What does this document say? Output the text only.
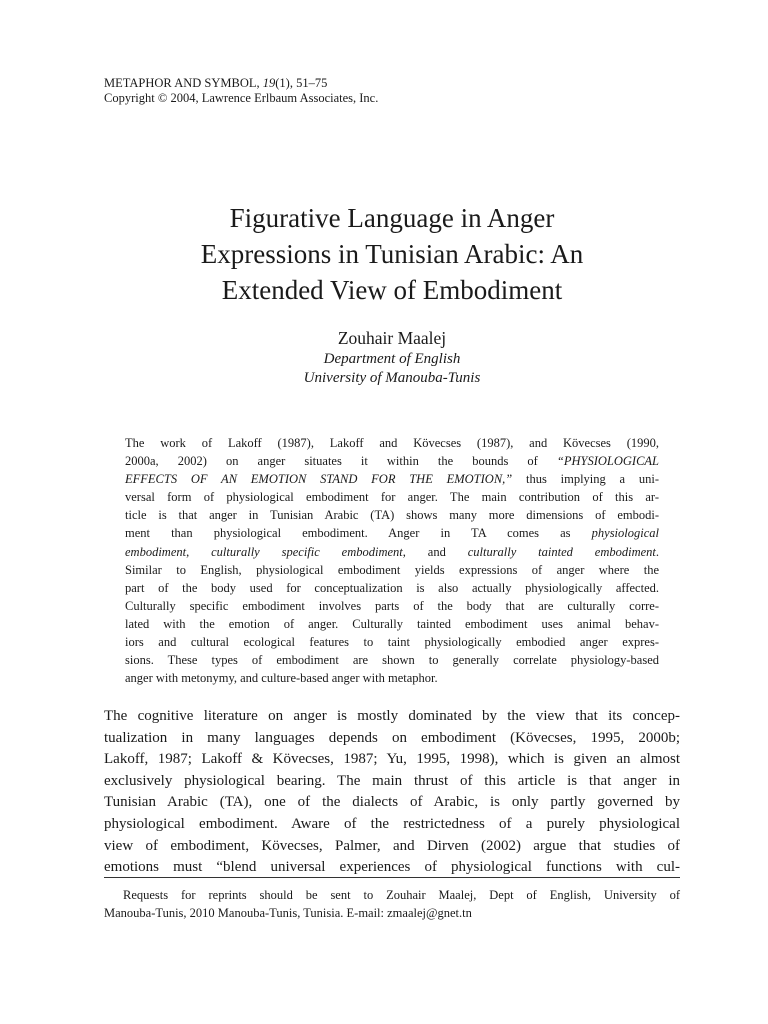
METAPHOR AND SYMBOL, 19(1), 51–75
Copyright © 2004, Lawrence Erlbaum Associates, Inc.
Figurative Language in Anger
Expressions in Tunisian Arabic: An
Extended View of Embodiment
Zouhair Maalej
Department of English
University of Manouba-Tunis
The work of Lakoff (1987), Lakoff and Kövecses (1987), and Kövecses (1990,
2000a, 2002) on anger situates it within the bounds of “PHYSIOLOGICAL
EFFECTS OF AN EMOTION STAND FOR THE EMOTION,” thus implying a uni-
versal form of physiological embodiment for anger. The main contribution of this ar-
ticle is that anger in Tunisian Arabic (TA) shows many more dimensions of embodi-
ment than physiological embodiment. Anger in TA comes as physiological
embodiment, culturally specific embodiment, and culturally tainted embodiment.
Similar to English, physiological embodiment yields expressions of anger where the
part of the body used for conceptualization is also actually physiologically affected.
Culturally specific embodiment involves parts of the body that are culturally corre-
lated with the emotion of anger. Culturally tainted embodiment uses animal behav-
iors and cultural ecological features to taint physiologically embodied anger expres-
sions. These types of embodiment are shown to generally correlate physiology-based
anger with metonymy, and culture-based anger with metaphor.
The cognitive literature on anger is mostly dominated by the view that its concep-
tualization in many languages depends on embodiment (Kövecses, 1995, 2000b;
Lakoff, 1987; Lakoff & Kövecses, 1987; Yu, 1995, 1998), which is given an almost
exclusively physiological bearing. The main thrust of this article is that anger in
Tunisian Arabic (TA), one of the dialects of Arabic, is only partly governed by
physiological embodiment. Aware of the restrictedness of a purely physiological
view of embodiment, Kövecses, Palmer, and Dirven (2002) argue that studies of
emotions must “blend universal experiences of physiological functions with cul-
Requests for reprints should be sent to Zouhair Maalej, Dept of English, University of
Manouba-Tunis, 2010 Manouba-Tunis, Tunisia. E-mail: zmaalej@gnet.tn
